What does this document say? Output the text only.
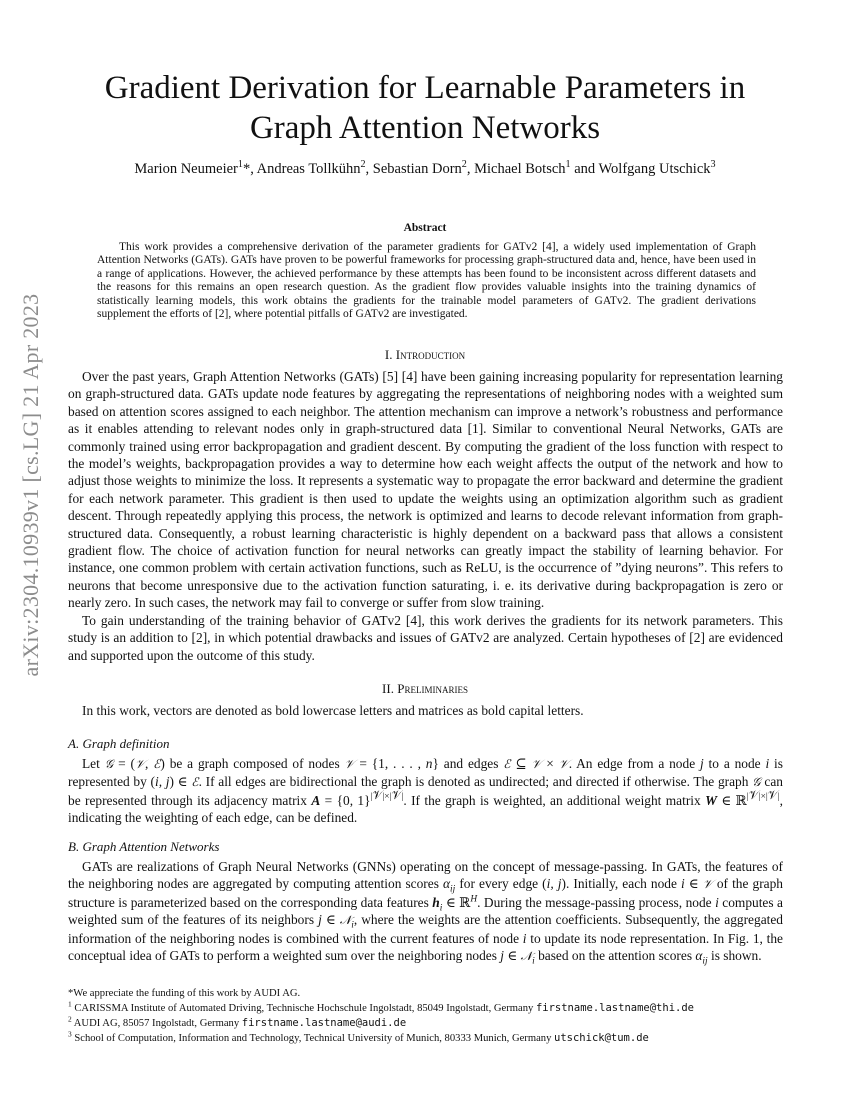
arXiv:2304.10939v1 [cs.LG] 21 Apr 2023
Gradient Derivation for Learnable Parameters in Graph Attention Networks
Marion Neumeier$^1$*, Andreas Tollkühn$^2$, Sebastian Dorn$^2$, Michael Botsch$^1$ and Wolfgang Utschick$^3$
Abstract
This work provides a comprehensive derivation of the parameter gradients for GATv2 [4], a widely used implementation of Graph Attention Networks (GATs). GATs have proven to be powerful frameworks for processing graph-structured data and, hence, have been used in a range of applications. However, the achieved performance by these attempts has been found to be inconsistent across different datasets and the reasons for this remains an open research question. As the gradient flow provides valuable insights into the training dynamics of statistically learning models, this work obtains the gradients for the trainable model parameters of GATv2. The gradient derivations supplement the efforts of [2], where potential pitfalls of GATv2 are investigated.
I. Introduction

Over the past years, Graph Attention Networks (GATs) [5] [4] have been gaining increasing popularity for representation learning on graph-structured data. GATs update node features by aggregating the representations of neighboring nodes with a weighted sum based on attention scores assigned to each neighbor. The attention mechanism can improve a network’s robustness and performance as it enables attending to relevant nodes only in graph-structured data [1]. Similar to conventional Neural Networks, GATs are commonly trained using error backpropagation and gradient descent. By computing the gradient of the loss function with respect to the model’s weights, backpropagation provides a way to determine how each weight affects the output of the network and how to adjust those weights to minimize the loss. It represents a systematic way to propagate the error backward and determine the gradient for each network parameter. This gradient is then used to update the weights using an optimization algorithm such as gradient descent. Through repeatedly applying this process, the network is optimized and learns to decode relevant information from graph-structured data. Consequently, a robust learning characteristic is highly dependent on a backward pass that allows a consistent gradient flow. The choice of activation function for neural networks can greatly impact the stability of learning behavior. For instance, one common problem with certain activation functions, such as ReLU, is the occurrence of ”dying neurons”. This refers to neurons that become unresponsive due to the activation function saturating, i. e. its derivative during backpropagation is zero or nearly zero. In such cases, the network may fail to converge or suffer from slow training.

To gain understanding of the training behavior of GATv2 [4], this work derives the gradients for its network parameters. This study is an addition to [2], in which potential drawbacks and issues of GATv2 are analyzed. Certain hypotheses of [2] are evidenced and supported upon the outcome of this study.

II. Preliminaries

In this work, vectors are denoted as bold lowercase letters and matrices as bold capital letters.

A. Graph definition

Let 𝒢 = (𝒱, ℰ) be a graph composed of nodes 𝒱 = {1, . . . , n} and edges ℰ ⊆ 𝒱 × 𝒱. An edge from a node j to a node i is represented by (i, j) ∈ ℰ. If all edges are bidirectional the graph is denoted as undirected; and directed if otherwise. The graph 𝒢 can be represented through its adjacency matrix A = {0, 1}$^{|𝒱|\times|𝒱|}$. If the graph is weighted, an additional weight matrix W ∈ ℝ$^{|𝒱|\times|𝒱|}$, indicating the weighting of each edge, can be defined.

B. Graph Attention Networks

GATs are realizations of Graph Neural Networks (GNNs) operating on the concept of message-passing. In GATs, the features of the neighboring nodes are aggregated by computing attention scores $\alpha_{ij}$ for every edge (i, j). Initially, each node i ∈ 𝒱 of the graph structure is parameterized based on the corresponding data features $h_i$ ∈ ℝ$^H$. During the message-passing process, node i computes a weighted sum of the features of its neighbors j ∈ 𝒩$_i$, where the weights are the attention coefficients. Subsequently, the aggregated information of the neighboring nodes is combined with the current features of node i to update its node representation. In Fig. 1, the conceptual idea of GATs to perform a weighted sum over the neighboring nodes j ∈ 𝒩$_i$ based on the attention scores $\alpha_{ij}$ is shown.

*We appreciate the funding of this work by AUDI AG.

$^1$ CARISSMA Institute of Automated Driving, Technische Hochschule Ingolstadt, 85049 Ingolstadt, Germany firstname.lastname@thi.de

$^2$ AUDI AG, 85057 Ingolstadt, Germany firstname.lastname@audi.de

$^3$ School of Computation, Information and Technology, Technical University of Munich, 80333 Munich, Germany utschick@tum.de
